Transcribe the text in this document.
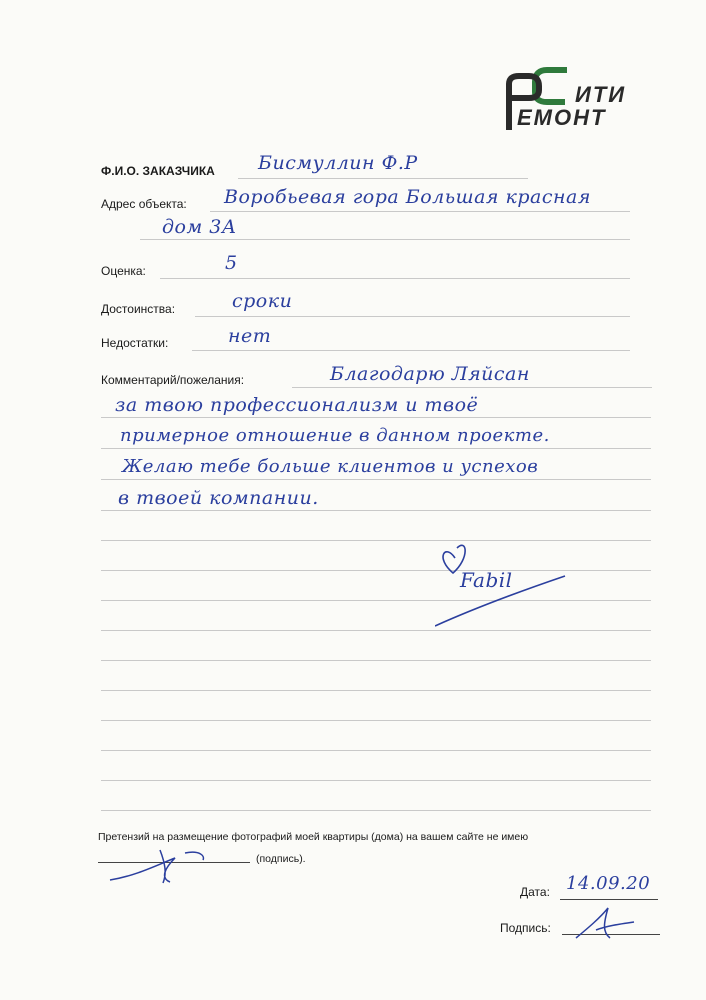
ИТИ
ЕМОНТ
Ф.И.О. ЗАКАЗЧИКА Бисмуллин Ф.Р
Адрес объекта: Воробьевая гора Большая красная
дом 3А
Оценка:	5
Достоинства:	сроки
Недостатки:	нет
Комментарий/пожелания:	Благодарю Ляйсан
за твою профессионализм и твоё
примерное отношение в данном проекте.
Желаю тебе больше клиентов и успехов
в твоей компании.
Fabil
Претензий на размещение фотографий моей квартиры (дома) на вашем сайте не имею
(подпись).
Дата: 14.09.20
Подпись:
